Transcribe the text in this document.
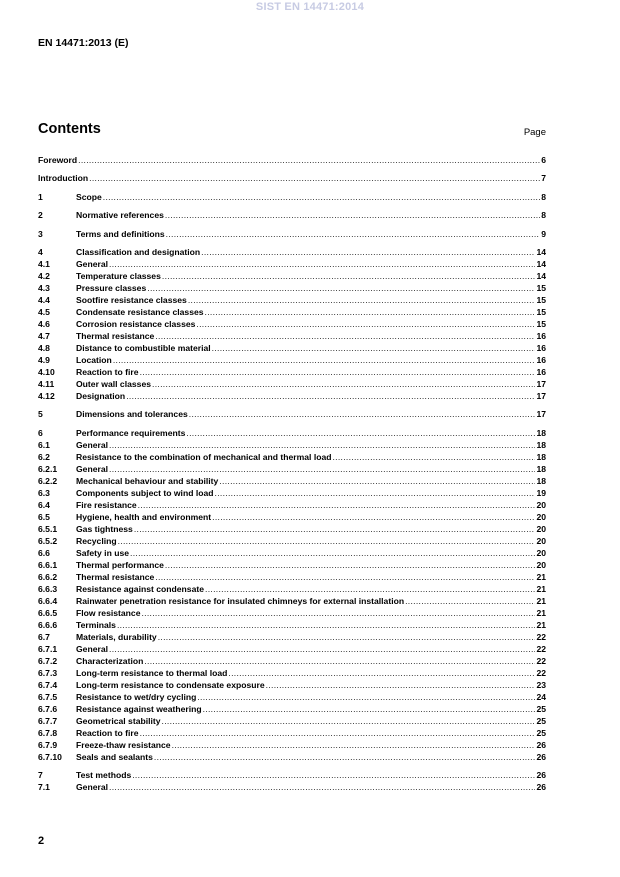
SIST EN 14471:2014
EN 14471:2013 (E)
Contents	Page
Foreword .....	6
Introduction .....	7
1	Scope .....	8
2	Normative references .....	8
3	Terms and definitions .....	9
4	Classification and designation .....	14
4.1	General .....	14
4.2	Temperature classes .....	14
4.3	Pressure classes .....	15
4.4	Sootfire resistance classes .....	15
4.5	Condensate resistance classes .....	15
4.6	Corrosion resistance classes .....	15
4.7	Thermal resistance .....	16
4.8	Distance to combustible material .....	16
4.9	Location .....	16
4.10	Reaction to fire .....	16
4.11	Outer wall classes .....	17
4.12	Designation .....	17
5	Dimensions and tolerances .....	17
6	Performance requirements .....	18
6.1	General .....	18
6.2	Resistance to the combination of mechanical and thermal load .....	18
6.2.1	General .....	18
6.2.2	Mechanical behaviour and stability .....	18
6.3	Components subject to wind load .....	19
6.4	Fire resistance .....	20
6.5	Hygiene, health and environment .....	20
6.5.1	Gas tightness .....	20
6.5.2	Recycling .....	20
6.6	Safety in use .....	20
6.6.1	Thermal performance .....	20
6.6.2	Thermal resistance .....	21
6.6.3	Resistance against condensate .....	21
6.6.4	Rainwater penetration resistance for insulated chimneys for external installation .....	21
6.6.5	Flow resistance .....	21
6.6.6	Terminals .....	21
6.7	Materials, durability .....	22
6.7.1	General .....	22
6.7.2	Characterization .....	22
6.7.3	Long-term resistance to thermal load .....	22
6.7.4	Long-term resistance to condensate exposure .....	23
6.7.5	Resistance to wet/dry cycling .....	24
6.7.6	Resistance against weathering .....	25
6.7.7	Geometrical stability .....	25
6.7.8	Reaction to fire .....	25
6.7.9	Freeze-thaw resistance .....	26
6.7.10	Seals and sealants .....	26
7	Test methods .....	26
7.1	General .....	26
2
